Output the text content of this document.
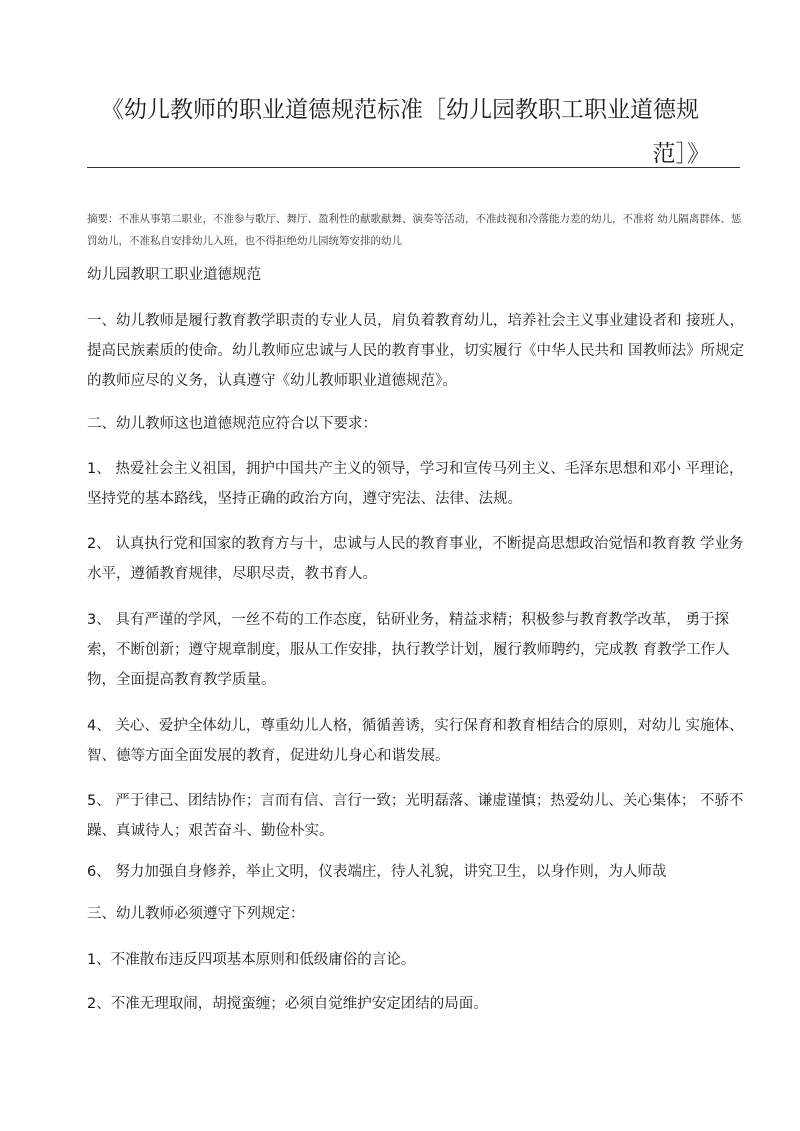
《幼儿教师的职业道德规范标准［幼儿园教职工职业道德规
范］》

摘要：不准从事第二职业，不准参与歌厅、舞厅、盈利性的献歌献舞、演奏等活动，不准歧视和冷落能力差的幼儿，不准将 幼儿隔离群体、惩罚幼儿，不准私自安排幼儿入班，也不得拒绝幼儿园统筹安排的幼儿

幼儿园教职工职业道德规范

一、幼儿教师是履行教育教学职责的专业人员，肩负着教育幼儿，培养社会主义事业建设者和 接班人，提高民族素质的使命。幼儿教师应忠诚与人民的教育事业，切实履行《中华人民共和 国教师法》所规定的教师应尽的义务，认真遵守《幼儿教师职业道德规范》。

二、幼儿教师这也道德规范应符合以下要求：

1、 热爱社会主义祖国，拥护中国共产主义的领导，学习和宣传马列主义、毛泽东思想和邓小 平理论，坚持党的基本路线，坚持正确的政治方向，遵守宪法、法律、法规。

2、 认真执行党和国家的教育方与十，忠诚与人民的教育事业，不断提高思想政治觉悟和教育教 学业务水平，遵循教育规律，尽职尽责，教书育人。

3、 具有严谨的学风，一丝不苟的工作态度，钻研业务，精益求精；积极参与教育教学改革， 勇于探索，不断创新；遵守规章制度，服从工作安排，执行教学计划，履行教师聘约，完成教 育教学工作人物，全面提高教育教学质量。

4、 关心、爱护全体幼儿，尊重幼儿人格，循循善诱，实行保育和教育相结合的原则，对幼儿 实施体、智、德等方面全面发展的教育，促进幼儿身心和谐发展。

5、 严于律己、团结协作；言而有信、言行一致；光明磊落、谦虚谨慎；热爱幼儿、关心集体； 不骄不躁、真诚待人；艰苦奋斗、勤俭朴实。

6、 努力加强自身修养，举止文明，仪表端庄，待人礼貌，讲究卫生，以身作则，为人师哉

三、幼儿教师必须遵守下列规定：

1、不准散布违反四项基本原则和低级庸俗的言论。

2、不准无理取闹，胡搅蛮缠；必须自觉维护安定团结的局面。
